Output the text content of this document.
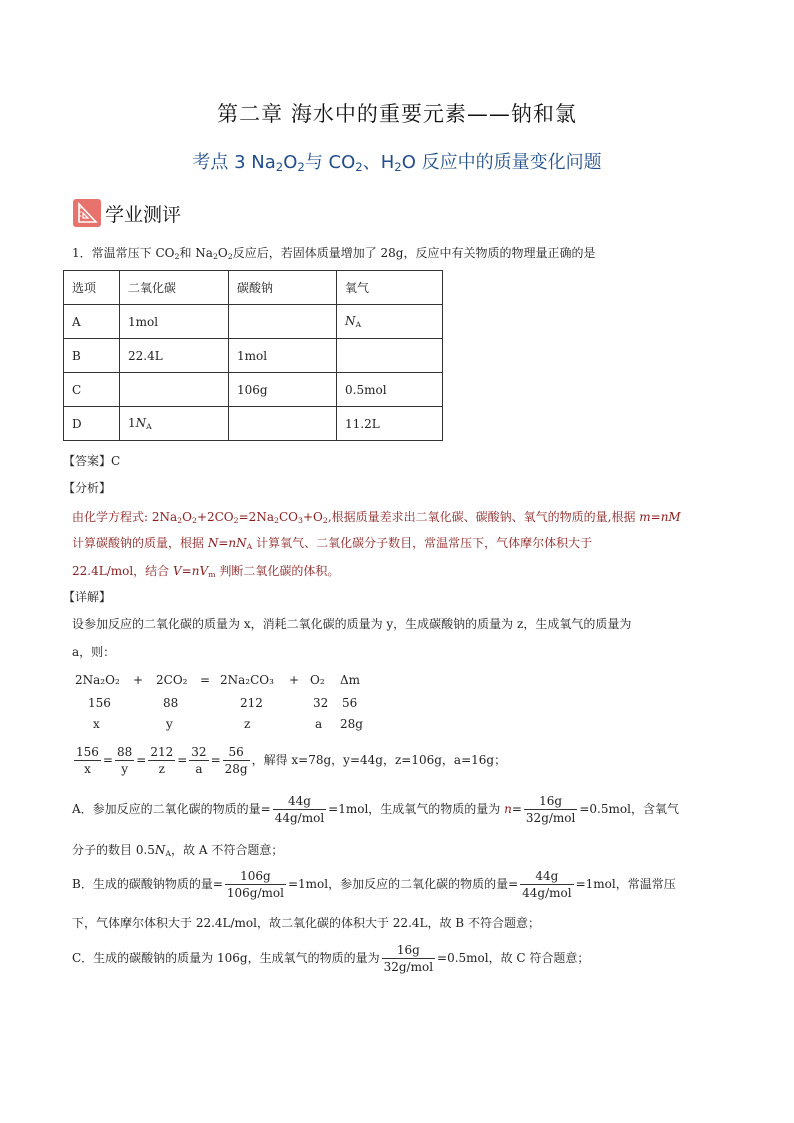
第二章 海水中的重要元素——钠和氯
考点 3 $Na_2O_2$与 $CO_2$、$H_2O$ 反应中的质量变化问题
学业测评
1．常温常压下 $CO_2$和 $Na_2O_2$反应后，若固体质量增加了 28g，反应中有关物质的物理量正确的是
选项	二氧化碳	碳酸钠	氧气
A	1mol		$N_A$
B	22.4L	1mol	
C		106g	0.5mol
D	$1N_A$		11.2L
【答案】C
【分析】
由化学方程式: $2Na_2O_2+2CO_2=2Na_2CO_3+O_2$,根据质量差求出二氧化碳、碳酸钠、氧气的物质的量,根据 m=nM
计算碳酸钠的质量，根据 $N=nN_A$ 计算氧气、二氧化碳分子数目，常温常压下，气体摩尔体积大于
22.4L/mol，结合 $V=nV_m$ 判断二氧化碳的体积。
【详解】
设参加反应的二氧化碳的质量为 x，消耗二氧化碳的质量为 y，生成碳酸钠的质量为 z，生成氧气的质量为
a，则：
2Na₂O₂ + 2CO₂ = 2Na₂CO₃ + O₂ Δm
156	88	212	32 56
x	y	z	a 28g
$\frac{156}{x} = \frac{88}{y} = \frac{212}{z} = \frac{32}{a} = \frac{56}{28g}$ ，解得 x=78g，y=44g，z=106g，a=16g；
A．参加反应的二氧化碳的物质的量= $\frac{44g}{\text{44g/mol}} =1mol$，生成氧气的物质的量为 $n= \frac{16g}{\text{32g/mol}} =0.5mol$，含氧气
分子的数目 $0.5N_A$，故 A 不符合题意；
B．生成的碳酸钠物质的量= $\frac{106g}{\text{106g/mol}} =1mol$，参加反应的二氧化碳的物质的量= $\frac{44g}{\text{44g/mol}} =1mol$，常温常压
下，气体摩尔体积大于 22.4L/mol，故二氧化碳的体积大于 22.4L，故 B 不符合题意；
C．生成的碳酸钠的质量为 106g，生成氧气的物质的量为 $\frac{16g}{\text{32g/mol}} =0.5mol$，故 C 符合题意；
